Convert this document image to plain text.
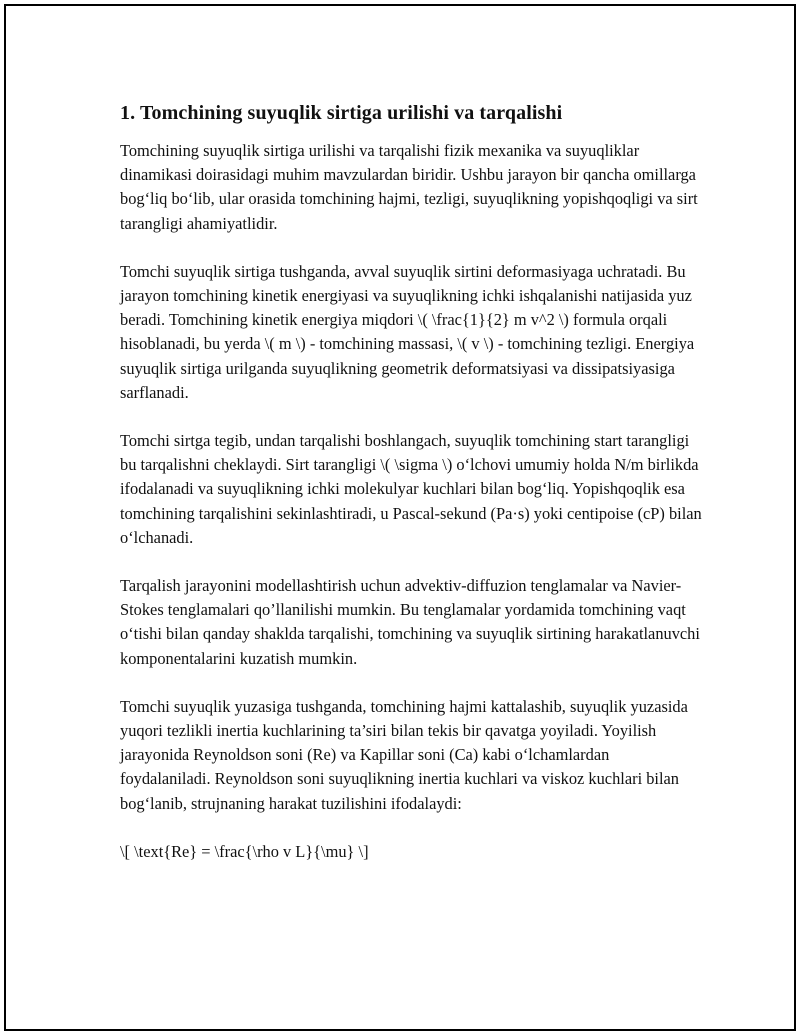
1. Tomchining suyuqlik sirtiga urilishi va tarqalishi

Tomchining suyuqlik sirtiga urilishi va tarqalishi fizik mexanika va suyuqliklar dinamikasi doirasidagi muhim mavzulardan biridir. Ushbu jarayon bir qancha omillarga bog‘liq bo‘lib, ular orasida tomchining hajmi, tezligi, suyuqlikning yopishqoqligi va sirt tarangligi ahamiyatlidir.

Tomchi suyuqlik sirtiga tushganda, avval suyuqlik sirtini deformasiyaga uchratadi. Bu jarayon tomchining kinetik energiyasi va suyuqlikning ichki ishqalanishi natijasida yuz beradi. Tomchining kinetik energiya miqdori \( \frac{1}{2} m v^2 \) formula orqali hisoblanadi, bu yerda \( m \) - tomchining massasi, \( v \) - tomchining tezligi. Energiya suyuqlik sirtiga urilganda suyuqlikning geometrik deformatsiyasi va dissipatsiyasiga sarflanadi.

Tomchi sirtga tegib, undan tarqalishi boshlangach, suyuqlik tomchining start tarangligi bu tarqalishni cheklaydi. Sirt tarangligi \( \sigma \) o‘lchovi umumiy holda N/m birlikda ifodalanadi va suyuqlikning ichki molekulyar kuchlari bilan bog‘liq. Yopishqoqlik esa tomchining tarqalishini sekinlashtiradi, u Pascal-sekund (Pa·s) yoki centipoise (cP) bilan o‘lchanadi.

Tarqalish jarayonini modellashtirish uchun advektiv-diffuzion tenglamalar va Navier-Stokes tenglamalari qo’llanilishi mumkin. Bu tenglamalar yordamida tomchining vaqt o‘tishi bilan qanday shaklda tarqalishi, tomchining va suyuqlik sirtining harakatlanuvchi komponentalarini kuzatish mumkin.

Tomchi suyuqlik yuzasiga tushganda, tomchining hajmi kattalashib, suyuqlik yuzasida yuqori tezlikli inertia kuchlarining ta’siri bilan tekis bir qavatga yoyiladi. Yoyilish jarayonida Reynoldson soni (Re) va Kapillar soni (Ca) kabi o‘lchamlardan foydalaniladi. Reynoldson soni suyuqlikning inertia kuchlari va viskoz kuchlari bilan bog‘lanib, strujnaning harakat tuzilishini ifodalaydi:

\[ \text{Re} = \frac{\rho v L}{\mu} \]
